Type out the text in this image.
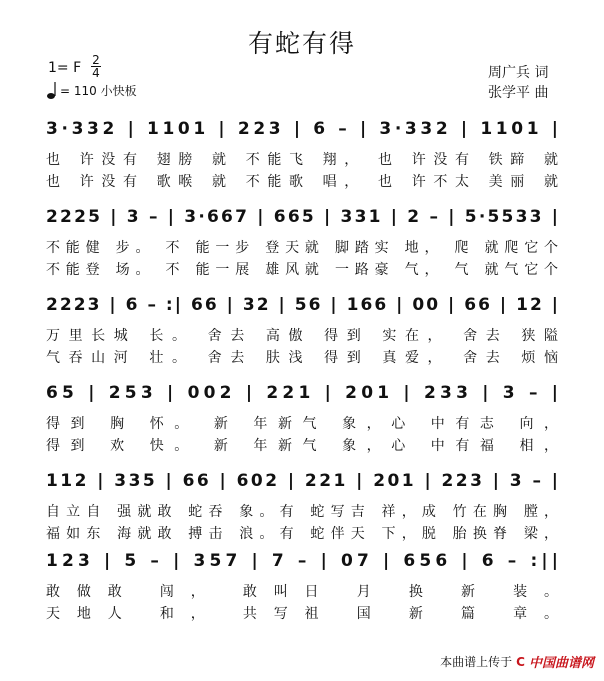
有蛇有得
1= F 2
4
= 110 小快板
周广兵 词
张学平 曲
3·332 | 1101 | 223 | 6 – | 3·332 | 1101 |
也 许没有 翅膀 就 不能飞 翔， 也 许没有 铁蹄 就
也 许没有 歌喉 就 不能歌 唱， 也 许不太 美丽 就
2225 | 3 – | 3·667 | 665 | 331 | 2 – | 5·5533 |
不能健 步。 不 能一步 登天就 脚踏实 地， 爬 就爬它个
不能登 场。 不 能一展 雄风就 一路豪 气， 气 就气它个
2223 | 6 – :| 66 | 32 | 56 | 166 | 00 | 66 | 12 |
万里长城 长。 舍去 高傲 得到 实在， 舍去 狭隘
气吞山河 壮。 舍去 肤浅 得到 真爱， 舍去 烦恼
65 | 253 | 002 | 221 | 201 | 233 | 3 – |
得到 胸 怀。 新 年新气 象，心 中有志 向，
得到 欢 快。 新 年新气 象，心 中有福 相，
112 | 335 | 66 | 602 | 221 | 201 | 223 | 3 – |
自立自 强就敢 蛇吞 象。有 蛇写吉 祥，成 竹在胸 膛，
福如东 海就敢 搏击 浪。有 蛇伴天 下，脱 胎换脊 梁，
123 | 5 – | 357 | 7 – | 07 | 656 | 6 – :||
敢做敢 闯， 敢叫日 月 换 新 装。
天地人 和， 共写祖 国 新 篇 章。
本曲谱上传于 C 中国曲谱网
